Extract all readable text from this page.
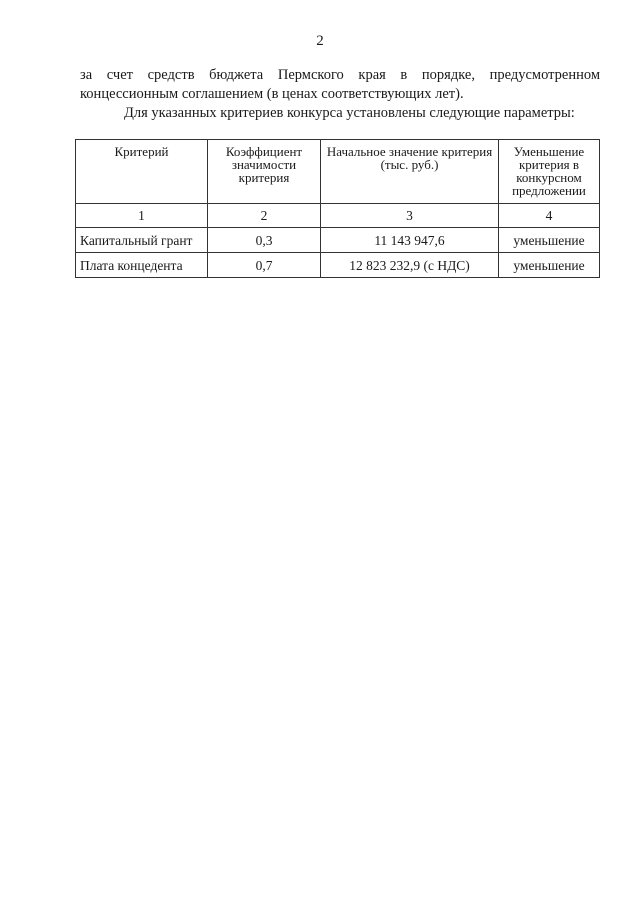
2
за счет средств бюджета Пермского края в порядке, предусмотренном
концессионным соглашением (в ценах соответствующих лет).
Для указанных критериев конкурса установлены следующие параметры:
Критерий	Коэффициент значимости критерия	Начальное значение критерия (тыс. руб.)	Уменьшение критерия в конкурсном предложении
1	2	3	4
Капитальный грант	0,3	11 143 947,6	уменьшение
Плата концедента	0,7	12 823 232,9 (с НДС)	уменьшение
